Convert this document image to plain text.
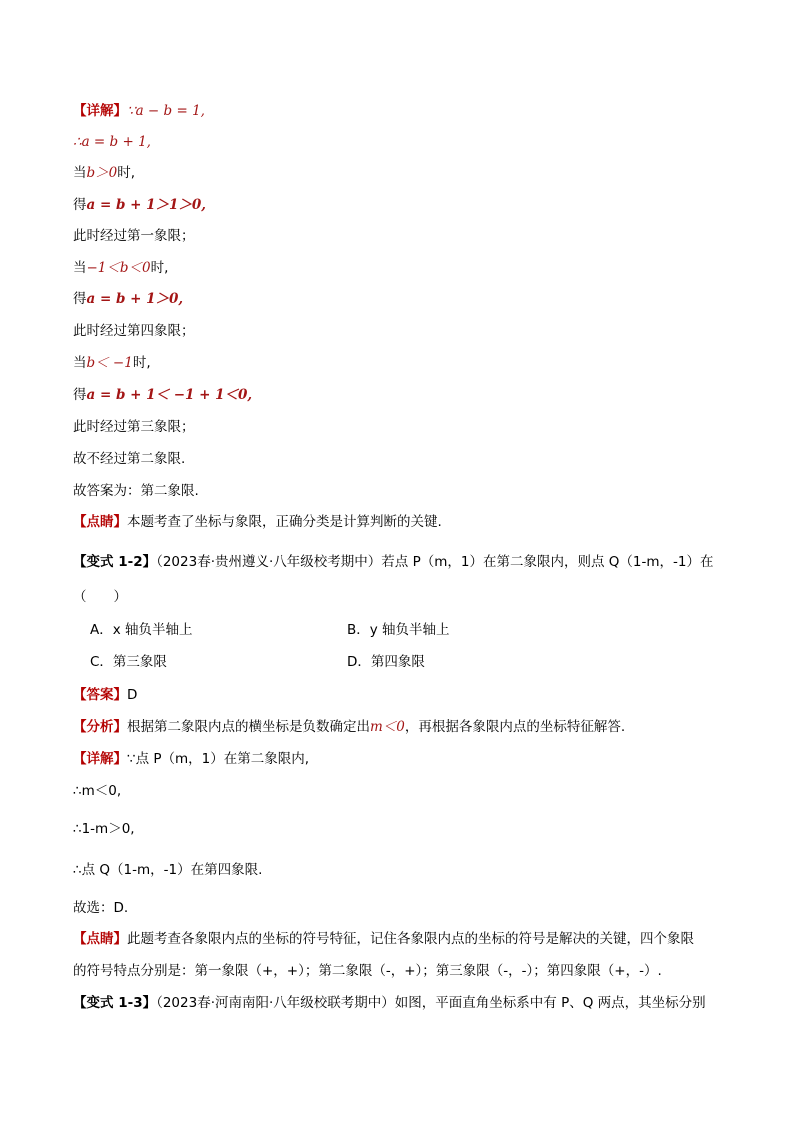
【详解】∵a − b = 1,
∴a = b + 1,
当b＞0时,
得a = b + 1＞1＞0,
此时经过第一象限；
当−1＜b＜0时,
得a = b + 1＞0,
此时经过第四象限；
当b＜ −1时,
得a = b + 1＜ −1 + 1＜0,
此时经过第三象限；
故不经过第二象限.
故答案为：第二象限.
【点睛】本题考查了坐标与象限，正确分类是计算判断的关键.
【变式 1-2】（2023春·贵州遵义·八年级校考期中）若点 P（m，1）在第二象限内，则点 Q（1-m，-1）在
（　　）
A．x 轴负半轴上	B．y 轴负半轴上
C．第三象限	D．第四象限
【答案】D
【分析】根据第二象限内点的横坐标是负数确定出m＜0，再根据各象限内点的坐标特征解答.
【详解】∵点 P（m，1）在第二象限内,
∴m＜0,
∴1-m＞0,
∴点 Q（1-m，-1）在第四象限.
故选：D.
【点睛】此题考查各象限内点的坐标的符号特征，记住各象限内点的坐标的符号是解决的关键，四个象限
的符号特点分别是：第一象限（+，+）；第二象限（-，+）；第三象限（-，-）；第四象限（+，-）.
【变式 1-3】（2023春·河南南阳·八年级校联考期中）如图，平面直角坐标系中有 P、Q 两点，其坐标分别
